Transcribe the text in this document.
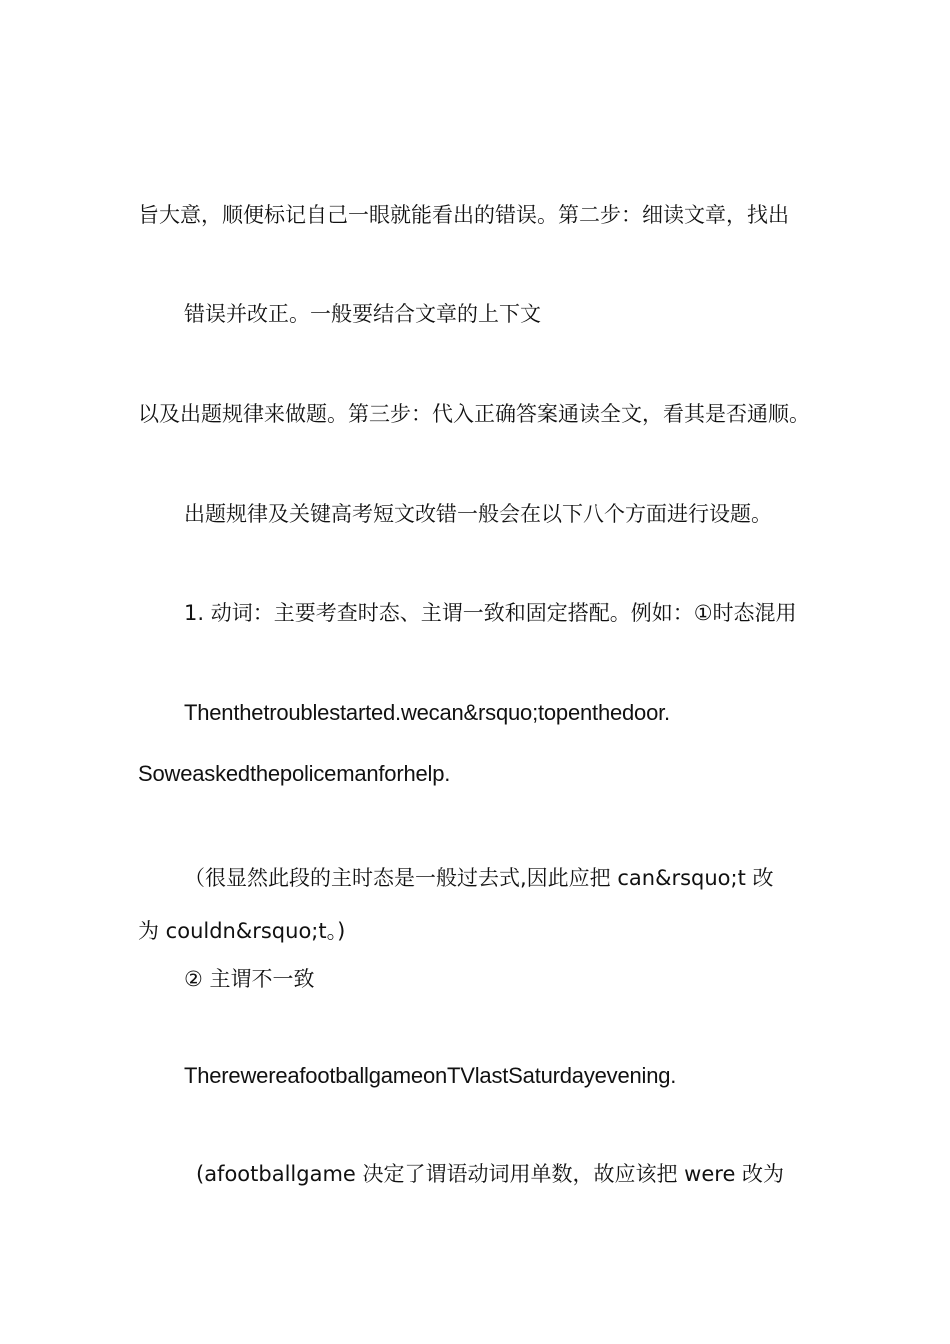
旨大意，顺便标记自己一眼就能看出的错误。第二步：细读文章，找出
错误并改正。一般要结合文章的上下文
以及出题规律来做题。第三步：代入正确答案通读全文，看其是否通顺。
出题规律及关键高考短文改错一般会在以下八个方面进行设题。
1. 动词：主要考查时态、主谓一致和固定搭配。例如：①时态混用
Thenthetroublestarted.wecan&rsquo;topenthedoor.
Soweaskedthepolicemanforhelp.
（很显然此段的主时态是一般过去式,因此应把 can&rsquo;t 改
为 couldn&rsquo;t。)
② 主谓不一致
TherewereafootballgameonTVlastSaturdayevening.
(afootballgame 决定了谓语动词用单数，故应该把 were 改为
